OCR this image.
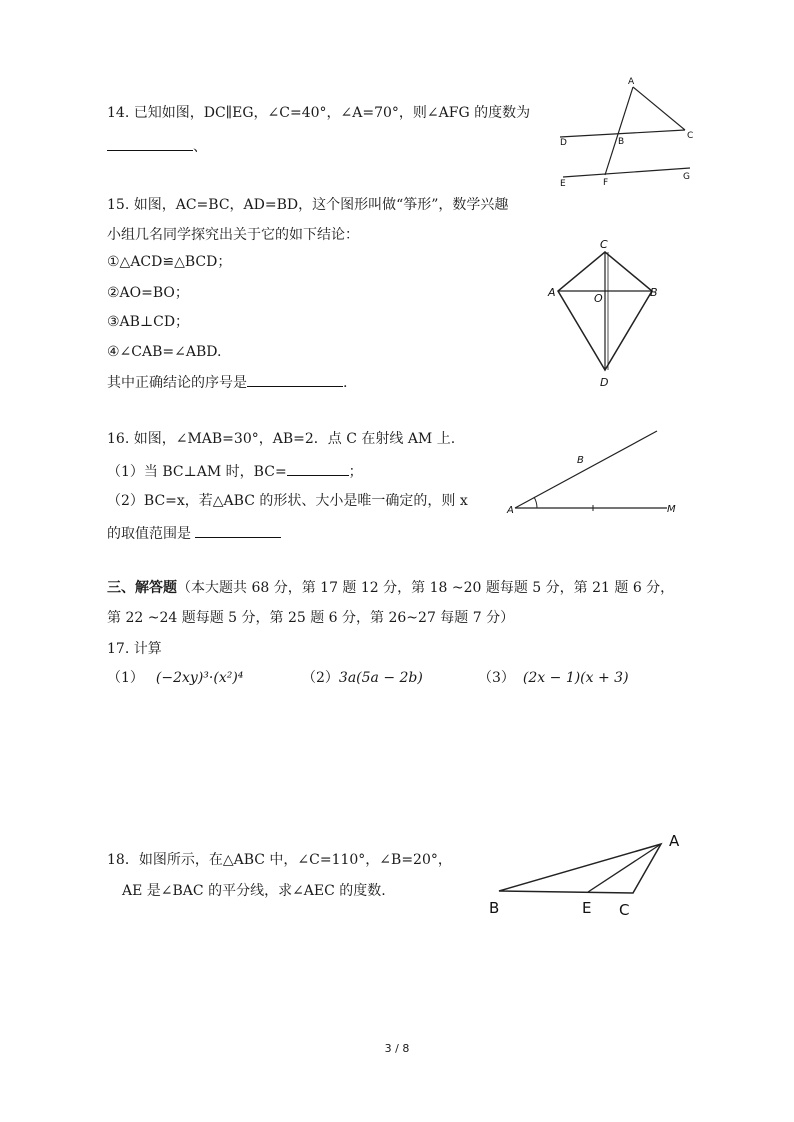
14. 已知如图，DC∥EG，∠C=40°，∠A=70°，则∠AFG 的度数为
、
A
D	B
C
E	F
G
15. 如图，AC=BC，AD=BD，这个图形叫做“筝形”，数学兴趣
小组几名同学探究出关于它的如下结论：
①△ACD≌△BCD；
②AO=BO；
③AB⊥CD；
④∠CAB=∠ABD.
其中正确结论的序号是	.
C
A	O	B
D
16. 如图，∠MAB=30°，AB=2．点 C 在射线 AM 上.
（1）当 BC⊥AM 时，BC=	；
（2）BC=x，若△ABC 的形状、大小是唯一确定的，则 x
的取值范围是
A
B
M
三、解答题（本大题共 68 分，第 17 题 12 分，第 18 ~20 题每题 5 分，第 21 题 6 分，
第 22 ~24 题每题 5 分，第 25 题 6 分，第 26~27 每题 7 分）
17. 计算
（1） (−2xy)³·(x²)⁴	（2）3a(5a − 2b)	（3） (2x − 1)(x + 3)
18．如图所示，在△ABC 中，∠C=110°，∠B=20°，
AE 是∠BAC 的平分线，求∠AEC 的度数.
A
B	E C
3 / 8
